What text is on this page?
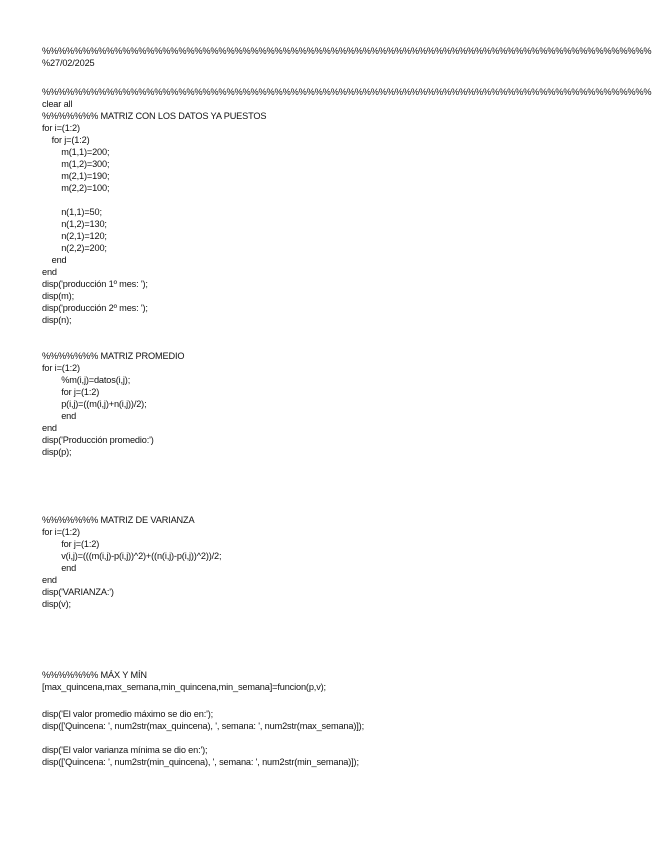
%%%%%%%%%%%%%%%%%%%%%%%%%%%%%%%%%%%%%%%%%%%%%%%%%%%%%%%%%%%%%%%%%%%%%%%%%%%%
%27/02/2025
%%%%%%%%%%%%%%%%%%%%%%%%%%%%%%%%%%%%%%%%%%%%%%%%%%%%%%%%%%%%%%%%%%%%%%%%%%%%
clear all
%%%%%%% MATRIZ CON LOS DATOS YA PUESTOS
for i=(1:2)
for j=(1:2)
m(1,1)=200;
m(1,2)=300;
m(2,1)=190;
m(2,2)=100;
n(1,1)=50;
n(1,2)=130;
n(2,1)=120;
n(2,2)=200;
end
end
disp('producción 1º mes: ');
disp(m);
disp('producción 2º mes: ');
disp(n);
%%%%%%% MATRIZ PROMEDIO
for i=(1:2)
%m(i,j)=datos(i,j);
for j=(1:2)
p(i,j)=((m(i,j)+n(i,j))/2);
end
end
disp('Producción promedio:')
disp(p);
%%%%%%% MATRIZ DE VARIANZA
for i=(1:2)
for j=(1:2)
v(i,j)=(((m(i,j)-p(i,j))^2)+((n(i,j)-p(i,j))^2))/2;
end
end
disp('VARIANZA:')
disp(v);
%%%%%%% MÁX Y MÍN
[max_quincena,max_semana,min_quincena,min_semana]=funcion(p,v);
disp('El valor promedio máximo se dio en:');
disp(['Quincena: ', num2str(max_quincena), ', semana: ', num2str(max_semana)]);
disp('El valor varianza mínima se dio en:');
disp(['Quincena: ', num2str(min_quincena), ', semana: ', num2str(min_semana)]);
